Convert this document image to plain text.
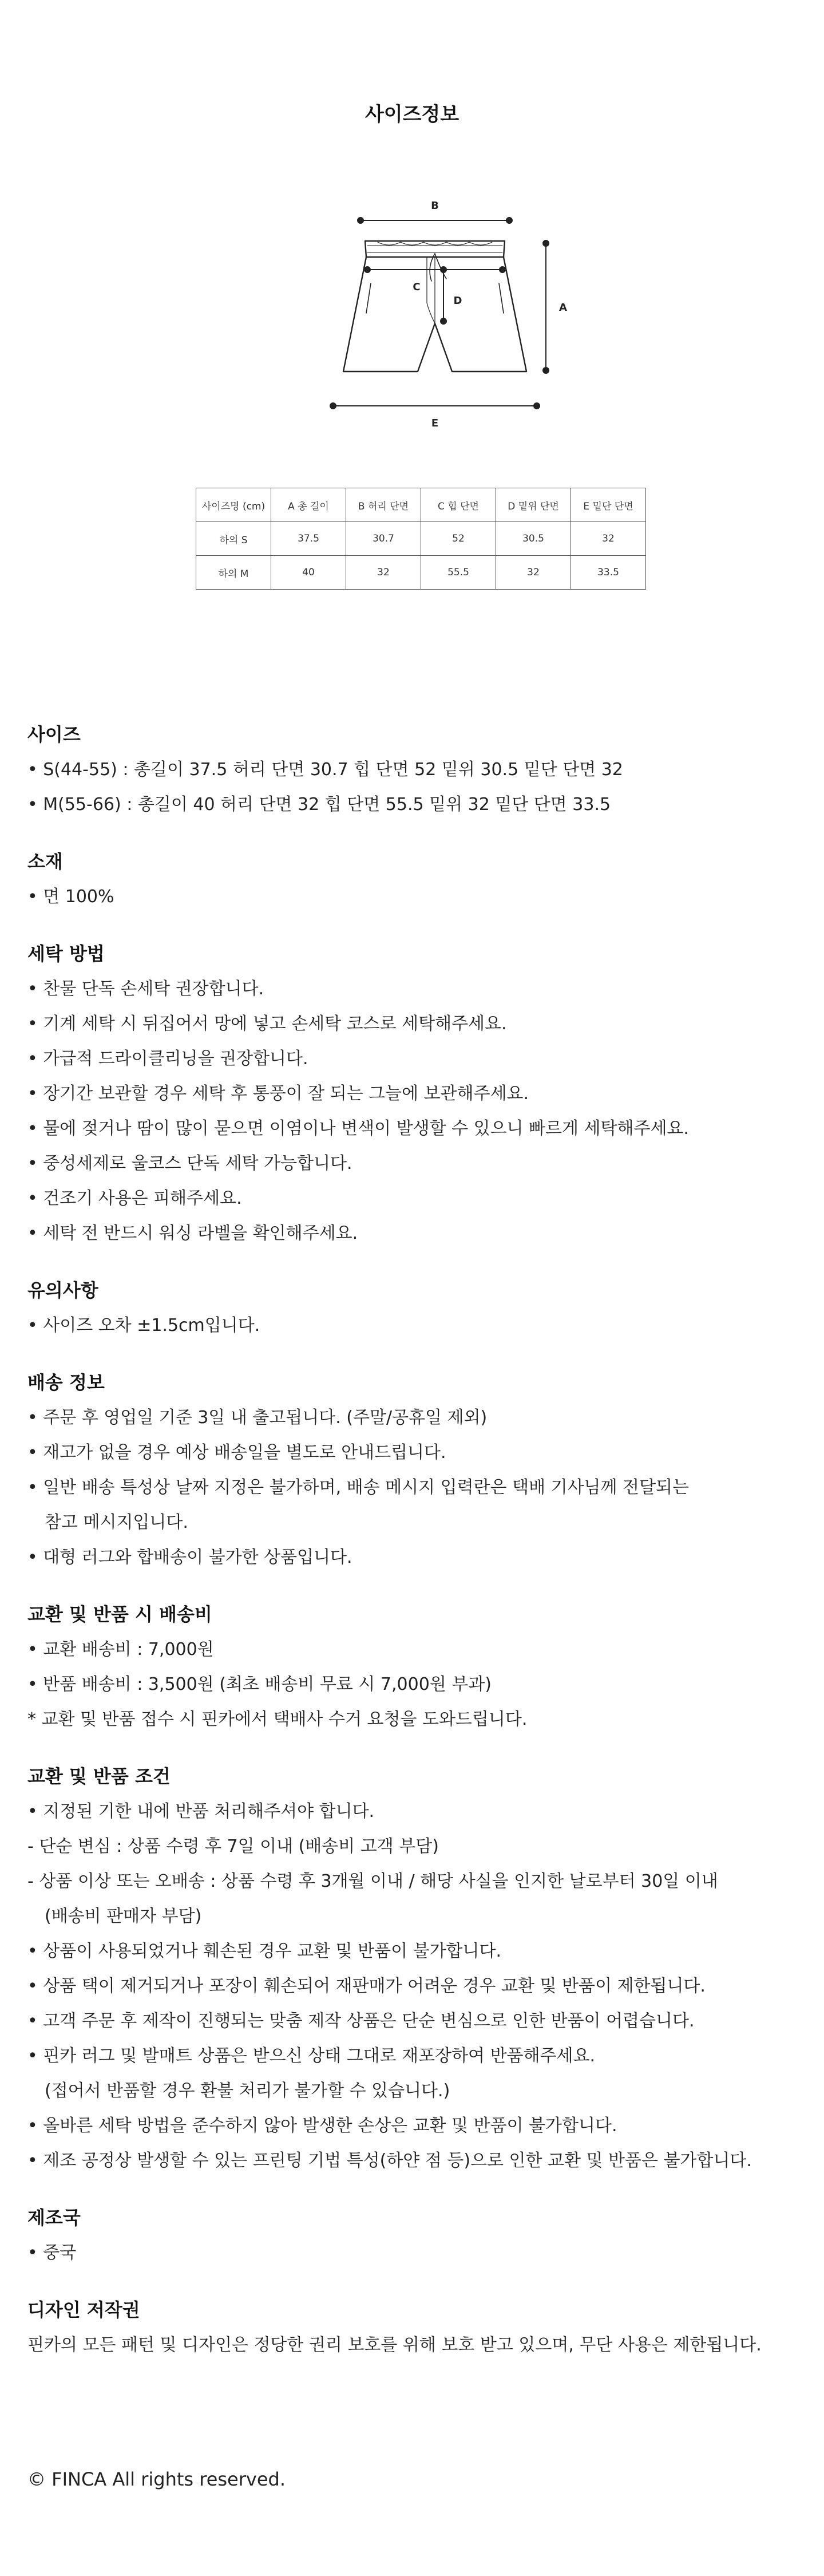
사이즈정보
B
C
D
A
E
사이즈명 (cm)	A 총 길이	B 허리 단면	C 힙 단면	D 밑위 단면	E 밑단 단면
하의 S	37.5	30.7	52	30.5	32
하의 M	40	32	55.5	32	33.5
사이즈
• S(44-55) : 총길이 37.5 허리 단면 30.7 힙 단면 52 밑위 30.5 밑단 단면 32
• M(55-66) : 총길이 40 허리 단면 32 힙 단면 55.5 밑위 32 밑단 단면 33.5
소재
• 면 100%
세탁 방법
• 찬물 단독 손세탁 권장합니다.
• 기계 세탁 시 뒤집어서 망에 넣고 손세탁 코스로 세탁해주세요.
• 가급적 드라이클리닝을 권장합니다.
• 장기간 보관할 경우 세탁 후 통풍이 잘 되는 그늘에 보관해주세요.
• 물에 젖거나 땀이 많이 묻으면 이염이나 변색이 발생할 수 있으니 빠르게 세탁해주세요.
• 중성세제로 울코스 단독 세탁 가능합니다.
• 건조기 사용은 피해주세요.
• 세탁 전 반드시 워싱 라벨을 확인해주세요.
유의사항
• 사이즈 오차 ±1.5cm입니다.
배송 정보
• 주문 후 영업일 기준 3일 내 출고됩니다. (주말/공휴일 제외)
• 재고가 없을 경우 예상 배송일을 별도로 안내드립니다.
• 일반 배송 특성상 날짜 지정은 불가하며, 배송 메시지 입력란은 택배 기사님께 전달되는
참고 메시지입니다.
• 대형 러그와 합배송이 불가한 상품입니다.
교환 및 반품 시 배송비
• 교환 배송비 : 7,000원
• 반품 배송비 : 3,500원 (최초 배송비 무료 시 7,000원 부과)
* 교환 및 반품 접수 시 핀카에서 택배사 수거 요청을 도와드립니다.
교환 및 반품 조건
• 지정된 기한 내에 반품 처리해주셔야 합니다.
- 단순 변심 : 상품 수령 후 7일 이내 (배송비 고객 부담)
- 상품 이상 또는 오배송 : 상품 수령 후 3개월 이내 / 해당 사실을 인지한 날로부터 30일 이내
(배송비 판매자 부담)
• 상품이 사용되었거나 훼손된 경우 교환 및 반품이 불가합니다.
• 상품 택이 제거되거나 포장이 훼손되어 재판매가 어려운 경우 교환 및 반품이 제한됩니다.
• 고객 주문 후 제작이 진행되는 맞춤 제작 상품은 단순 변심으로 인한 반품이 어렵습니다.
• 핀카 러그 및 발매트 상품은 받으신 상태 그대로 재포장하여 반품해주세요.
(접어서 반품할 경우 환불 처리가 불가할 수 있습니다.)
• 올바른 세탁 방법을 준수하지 않아 발생한 손상은 교환 및 반품이 불가합니다.
• 제조 공정상 발생할 수 있는 프린팅 기법 특성(하얀 점 등)으로 인한 교환 및 반품은 불가합니다.
제조국
• 중국
디자인 저작권
핀카의 모든 패턴 및 디자인은 정당한 권리 보호를 위해 보호 받고 있으며, 무단 사용은 제한됩니다.
© FINCA All rights reserved.
